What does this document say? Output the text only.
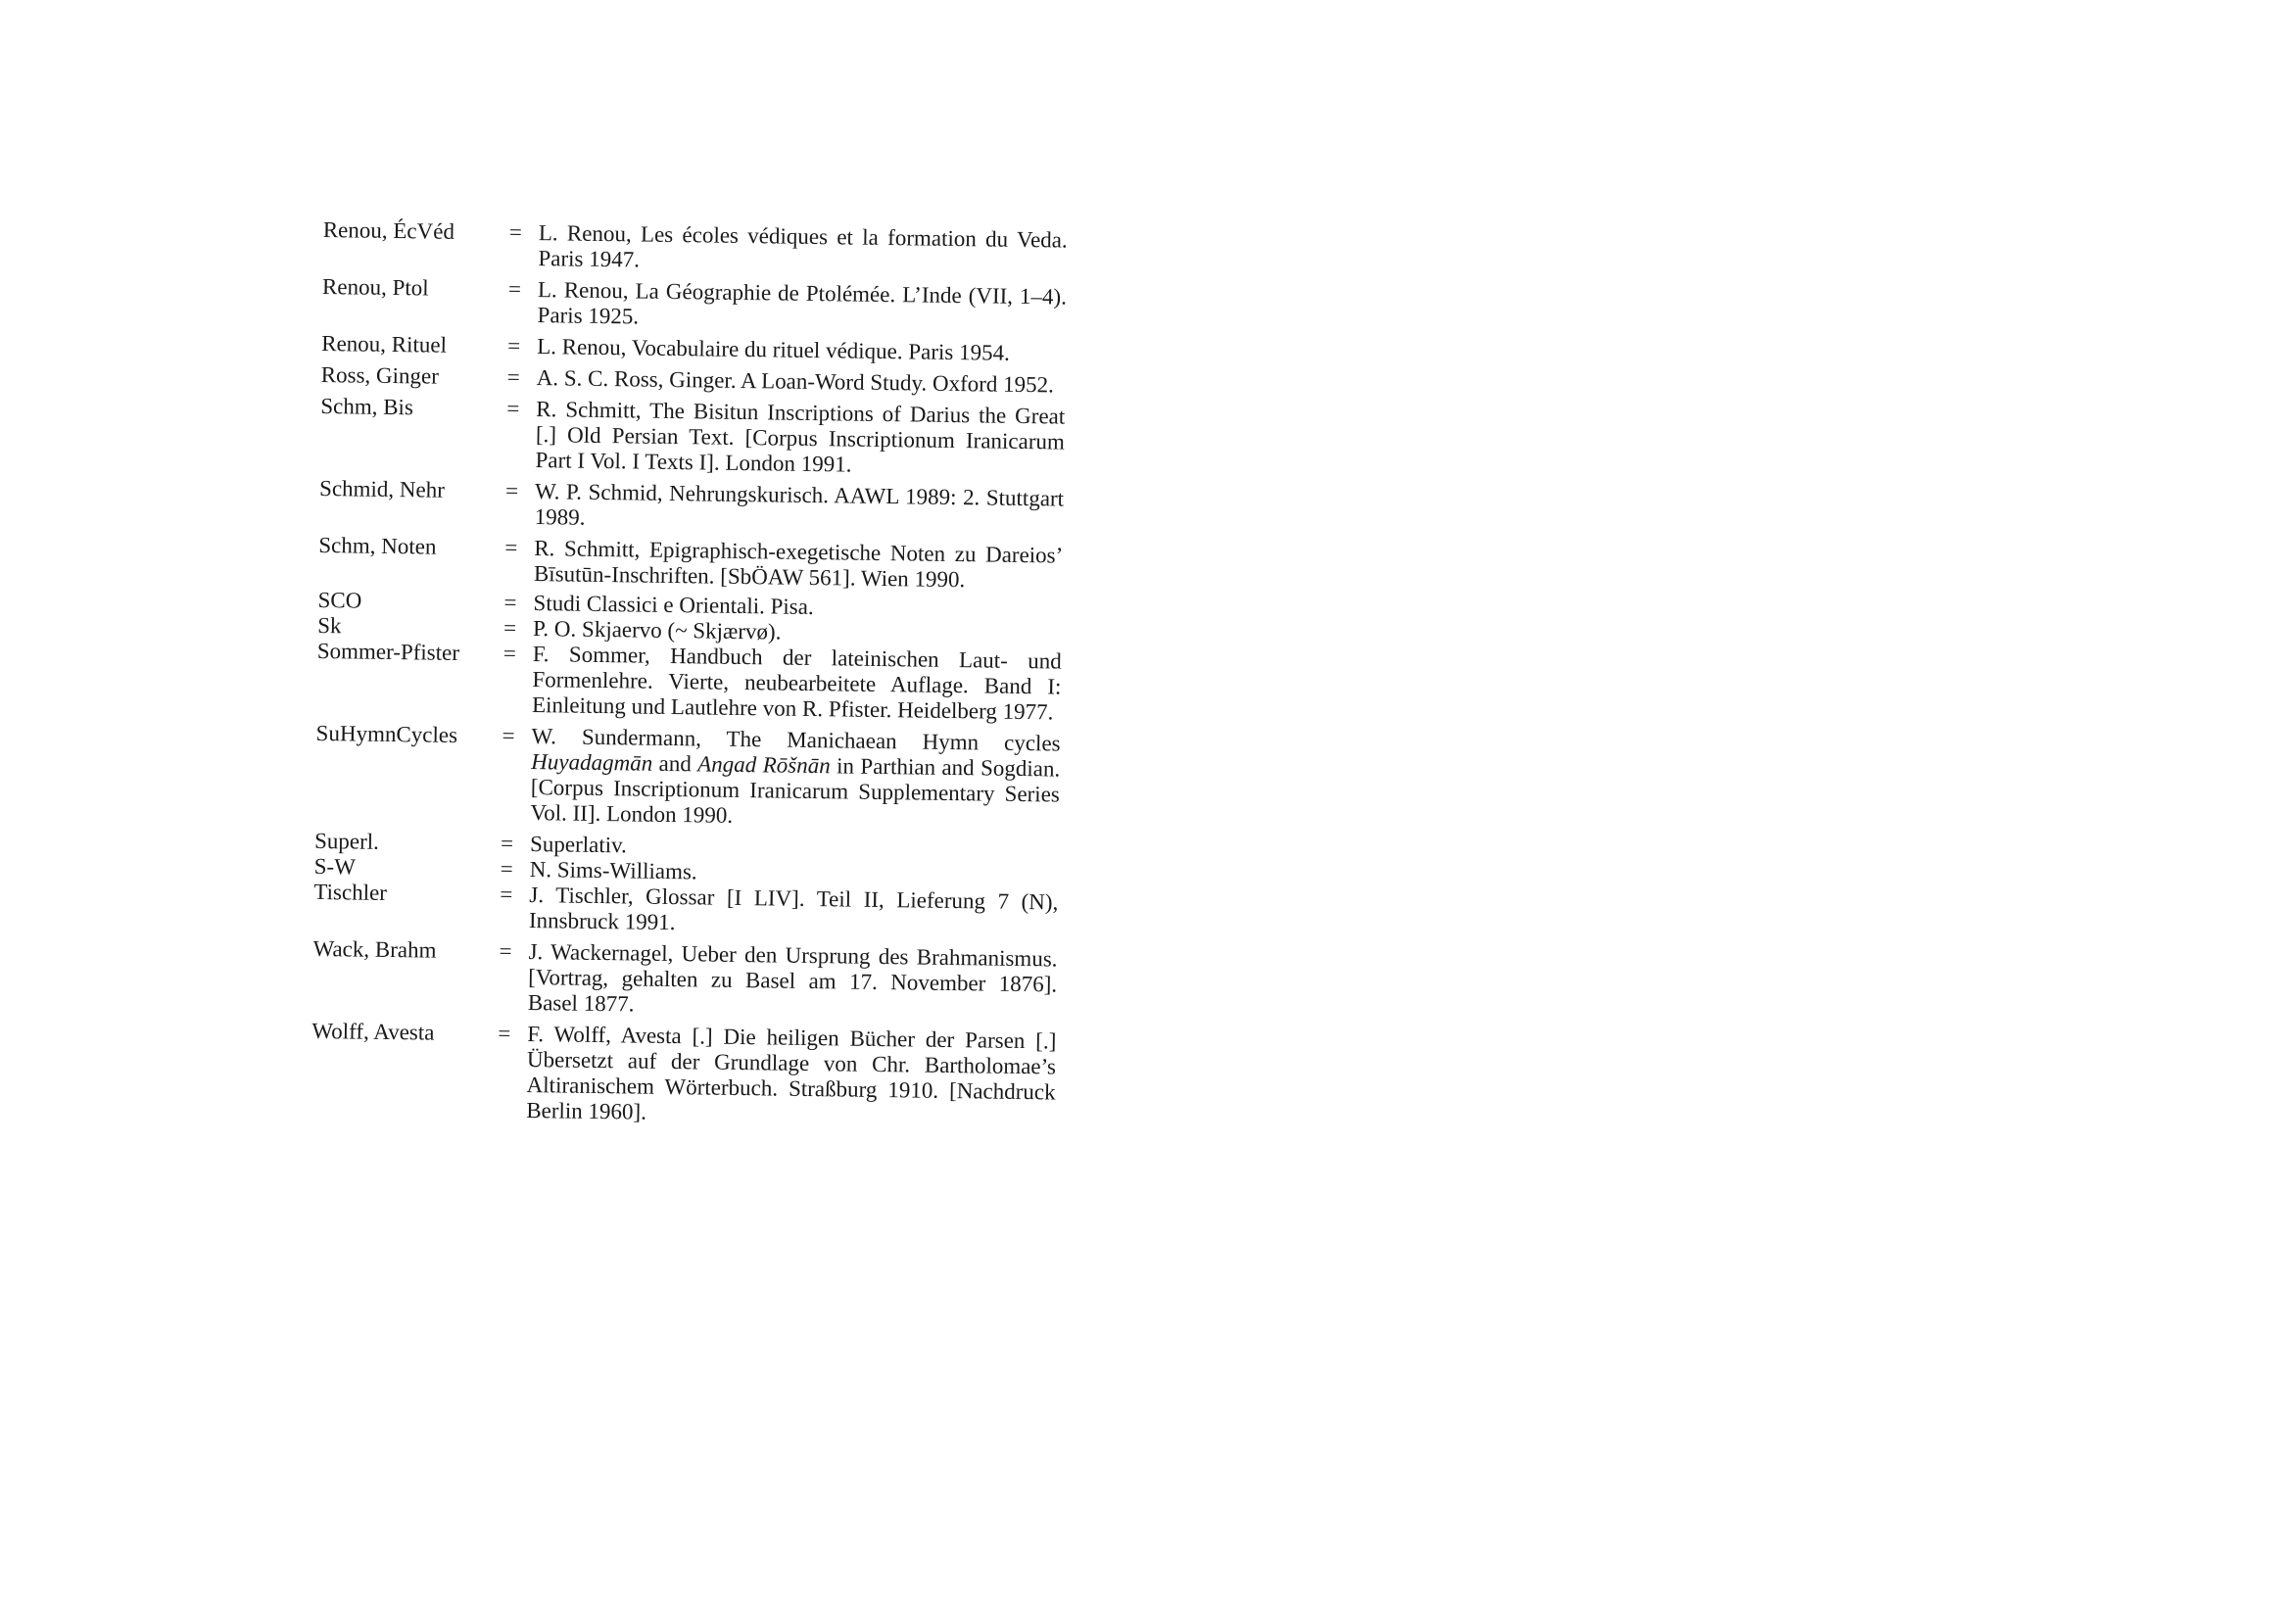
Renou, ÉcVéd	= L. Renou, Les écoles védiques et la formation du Veda. Paris 1947.
Renou, Ptol	= L. Renou, La Géographie de Ptolémée. L’Inde (VII, 1–4). Paris 1925.
Renou, Rituel	= L. Renou, Vocabulaire du rituel védique. Paris 1954.
Ross, Ginger	= A. S. C. Ross, Ginger. A Loan-Word Study. Oxford 1952.
Schm, Bis	= R. Schmitt, The Bisitun Inscriptions of Darius the Great [.] Old Persian Text. [Corpus Inscriptionum Iranicarum Part I Vol. I Texts I]. London 1991.
Schmid, Nehr	= W. P. Schmid, Nehrungskurisch. AAWL 1989: 2. Stuttgart 1989.
Schm, Noten	= R. Schmitt, Epigraphisch-exegetische Noten zu Dareios’ Bīsutūn-Inschriften. [SbÖAW 561]. Wien 1990.
SCO	= Studi Classici e Orientali. Pisa.
Sk	= P. O. Skjaervo (~ Skjærvø).
Sommer-Pfister	= F. Sommer, Handbuch der lateinischen Laut- und Formenlehre. Vierte, neubearbeitete Auflage. Band I: Einleitung und Lautlehre von R. Pfister. Heidelberg 1977.
SuHymnCycles	= W. Sundermann, The Manichaean Hymn cycles Huyadagmān and Angad Rōšnān in Parthian and Sogdian. [Corpus Inscriptionum Iranicarum Supplementary Series Vol. II]. London 1990.
Superl.	= Superlativ.
S-W	= N. Sims-Williams.
Tischler	= J. Tischler, Glossar [I LIV]. Teil II, Lieferung 7 (N), Innsbruck 1991.
Wack, Brahm	= J. Wackernagel, Ueber den Ursprung des Brahmanismus. [Vortrag, gehalten zu Basel am 17. November 1876]. Basel 1877.
Wolff, Avesta	= F. Wolff, Avesta [.] Die heiligen Bücher der Parsen [.] Übersetzt auf der Grundlage von Chr. Bartholomae’s Altiranischem Wörterbuch. Straßburg 1910. [Nachdruck Berlin 1960].
